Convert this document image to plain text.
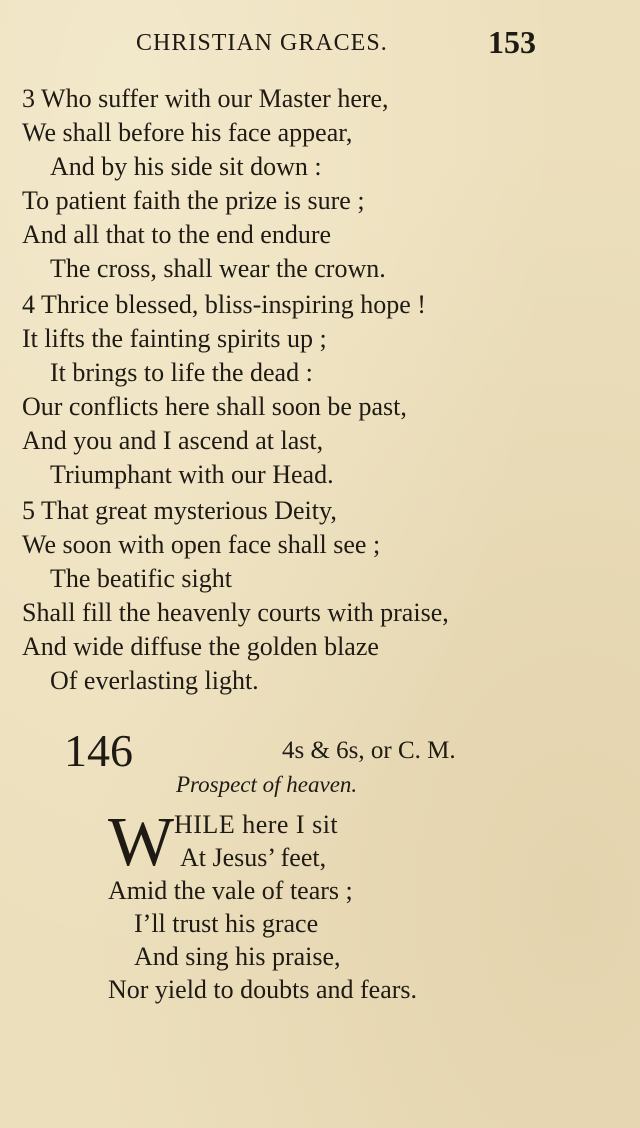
CHRISTIAN GRACES.	153
3 Who suffer with our Master here,
We shall before his face appear,
And by his side sit down :
To patient faith the prize is sure ;
And all that to the end endure
The cross, shall wear the crown.
4 Thrice blessed, bliss-inspiring hope !
It lifts the fainting spirits up ;
It brings to life the dead :
Our conflicts here shall soon be past,
And you and I ascend at last,
Triumphant with our Head.
5 That great mysterious Deity,
We soon with open face shall see ;
The beatific sight
Shall fill the heavenly courts with praise,
And wide diffuse the golden blaze
Of everlasting light.
146	4s & 6s, or C. M.
Prospect of heaven.
W HILE here I sit
At Jesus’ feet,
Amid the vale of tears ;
I’ll trust his grace
And sing his praise,
Nor yield to doubts and fears.
